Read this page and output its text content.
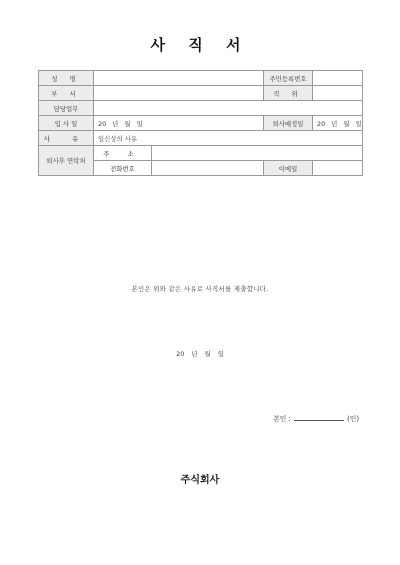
사 직 서
성 명			주민등록번호	
부 서			직 위	
담당업무				
입 사 일	20 년 월 일		퇴사예정일	20 년 월 일
사 유	일신상의 사유			
퇴사후 연락처	주 소			
	전화번호		이메일	
본인은 위와 같은 사유로 사직서를 제출합니다.
20 년 월 일
본인 :	(인)
주식회사
